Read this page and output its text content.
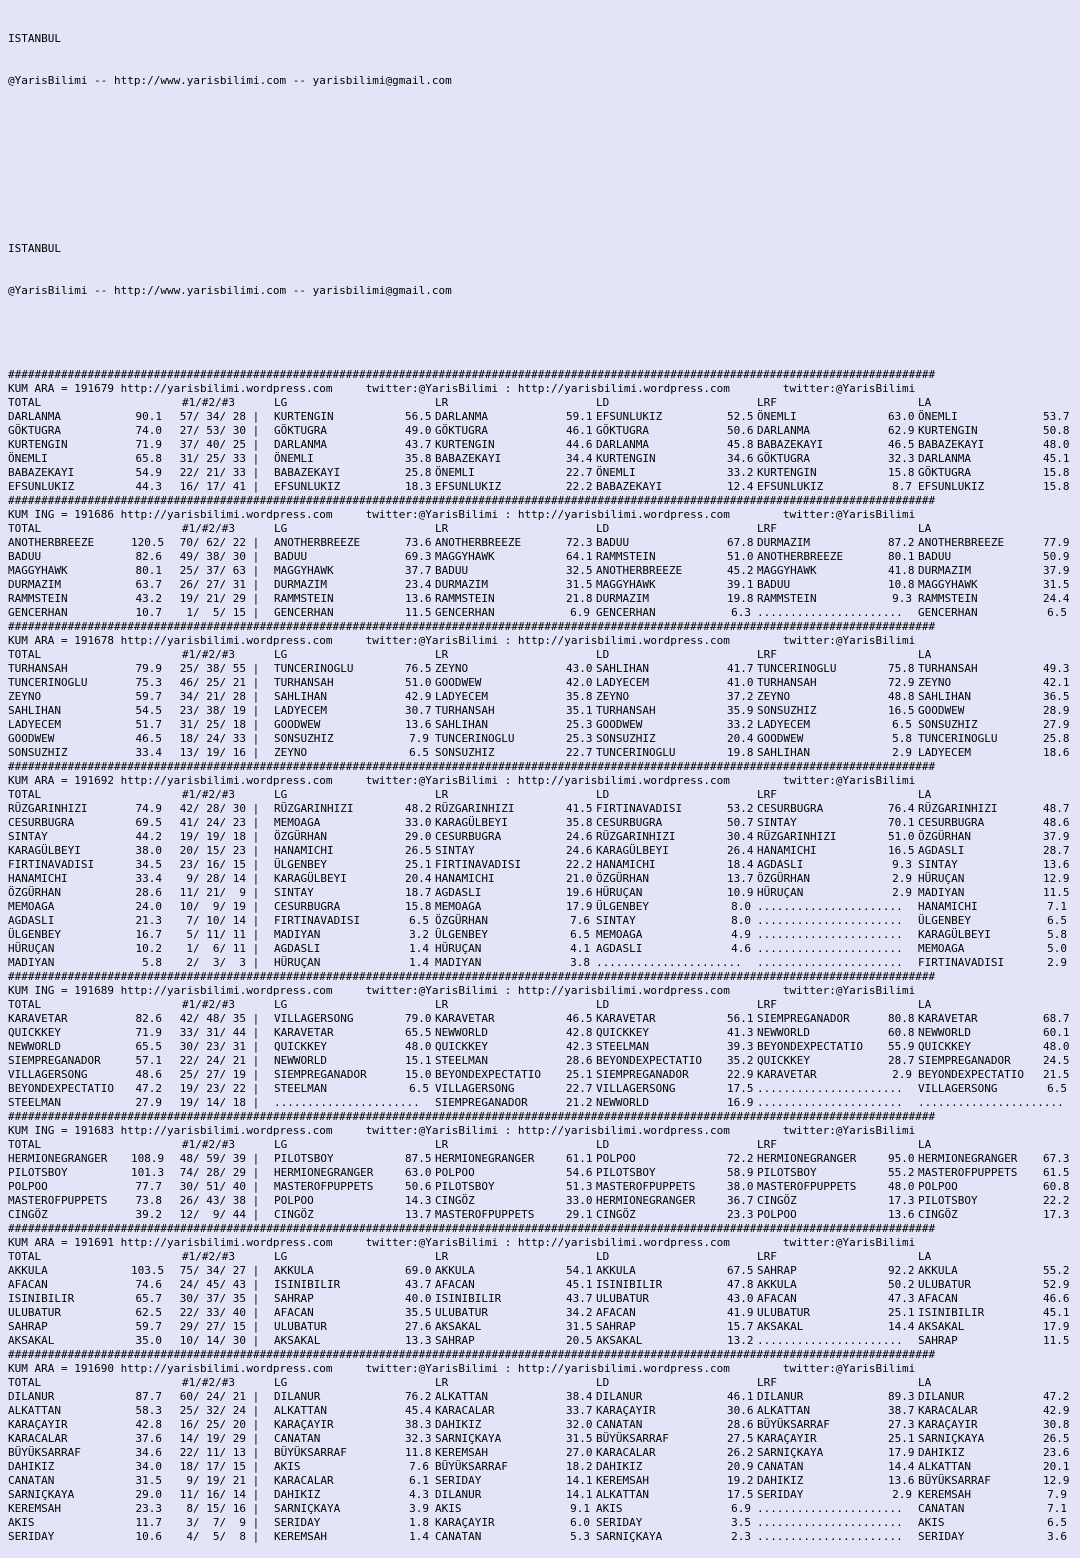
ISTANBUL

@YarisBilimi -- http://www.yarisbilimi.com -- yarisbilimi@gmail.com

ISTANBUL

@YarisBilimi -- http://www.yarisbilimi.com -- yarisbilimi@gmail.com

############################################################################################################################################
KUM ARA = 191679 http://yarisbilimi.wordpress.com     twitter:@YarisBilimi : http://yarisbilimi.wordpress.com        twitter:@YarisBilimi
TOTAL	#1/#2/#3	LG	LR	LD	LRF	LA
DARLANMA	90.1 57/ 34/ 28 | KURTENGIN	56.5 DARLANMA	59.1 EFSUNLUKIZ	52.5 ÖNEMLI	63.0 ÖNEMLI	53.7
GÖKTUGRA	74.0 27/ 53/ 30 | GÖKTUGRA	49.0 GÖKTUGRA	46.1 GÖKTUGRA	50.6 DARLANMA	62.9 KURTENGIN	50.8
KURTENGIN	71.9 37/ 40/ 25 | DARLANMA	43.7 KURTENGIN	44.6 DARLANMA	45.8 BABAZEKAYI	46.5 BABAZEKAYI	48.0
ÖNEMLI	65.8 31/ 25/ 33 | ÖNEMLI	35.8 BABAZEKAYI	34.4 KURTENGIN	34.6 GÖKTUGRA	32.3 DARLANMA	45.1
BABAZEKAYI	54.9 22/ 21/ 33 | BABAZEKAYI	25.8 ÖNEMLI	22.7 ÖNEMLI	33.2 KURTENGIN	15.8 GÖKTUGRA	15.8
EFSUNLUKIZ	44.3 16/ 17/ 41 | EFSUNLUKIZ	18.3 EFSUNLUKIZ	22.2 BABAZEKAYI	12.4 EFSUNLUKIZ	8.7 EFSUNLUKIZ	15.8
############################################################################################################################################
KUM ING = 191686 http://yarisbilimi.wordpress.com     twitter:@YarisBilimi : http://yarisbilimi.wordpress.com        twitter:@YarisBilimi
TOTAL	#1/#2/#3	LG	LR	LD	LRF	LA
ANOTHERBREEZE	120.5 70/ 62/ 22 | ANOTHERBREEZE	73.6 ANOTHERBREEZE	72.3 BADUU	67.8 DURMAZIM	87.2 ANOTHERBREEZE	77.9
BADUU	82.6 49/ 38/ 30 | BADUU	69.3 MAGGYHAWK	64.1 RAMMSTEIN	51.0 ANOTHERBREEZE	80.1 BADUU	50.9
MAGGYHAWK	80.1 25/ 37/ 63 | MAGGYHAWK	37.7 BADUU	32.5 ANOTHERBREEZE	45.2 MAGGYHAWK	41.8 DURMAZIM	37.9
DURMAZIM	63.7 26/ 27/ 31 | DURMAZIM	23.4 DURMAZIM	31.5 MAGGYHAWK	39.1 BADUU	10.8 MAGGYHAWK	31.5
RAMMSTEIN	43.2 19/ 21/ 29 | RAMMSTEIN	13.6 RAMMSTEIN	21.8 DURMAZIM	19.8 RAMMSTEIN	9.3 RAMMSTEIN	24.4
GENCERHAN	10.7 1/  5/ 15 | GENCERHAN	11.5 GENCERHAN	6.9 GENCERHAN	6.3 ...................... GENCERHAN	6.5
############################################################################################################################################
KUM ARA = 191678 http://yarisbilimi.wordpress.com     twitter:@YarisBilimi : http://yarisbilimi.wordpress.com        twitter:@YarisBilimi
TOTAL	#1/#2/#3	LG	LR	LD	LRF	LA
TURHANSAH	79.9 25/ 38/ 55 | TUNCERINOGLU	76.5 ZEYNO	43.0 SAHLIHAN	41.7 TUNCERINOGLU	75.8 TURHANSAH	49.3
TUNCERINOGLU	75.3 46/ 25/ 21 | TURHANSAH	51.0 GOODWEW	42.0 LADYECEM	41.0 TURHANSAH	72.9 ZEYNO	42.1
ZEYNO	59.7 34/ 21/ 28 | SAHLIHAN	42.9 LADYECEM	35.8 ZEYNO	37.2 ZEYNO	48.8 SAHLIHAN	36.5
SAHLIHAN	54.5 23/ 38/ 19 | LADYECEM	30.7 TURHANSAH	35.1 TURHANSAH	35.9 SONSUZHIZ	16.5 GOODWEW	28.9
LADYECEM	51.7 31/ 25/ 18 | GOODWEW	13.6 SAHLIHAN	25.3 GOODWEW	33.2 LADYECEM	6.5 SONSUZHIZ	27.9
GOODWEW	46.5 18/ 24/ 33 | SONSUZHIZ	7.9 TUNCERINOGLU	25.3 SONSUZHIZ	20.4 GOODWEW	5.8 TUNCERINOGLU	25.8
SONSUZHIZ	33.4 13/ 19/ 16 | ZEYNO	6.5 SONSUZHIZ	22.7 TUNCERINOGLU	19.8 SAHLIHAN	2.9 LADYECEM	18.6
############################################################################################################################################
KUM ARA = 191692 http://yarisbilimi.wordpress.com     twitter:@YarisBilimi : http://yarisbilimi.wordpress.com        twitter:@YarisBilimi
TOTAL	#1/#2/#3	LG	LR	LD	LRF	LA
RÜZGARINHIZI	74.9 42/ 28/ 30 | RÜZGARINHIZI	48.2 RÜZGARINHIZI	41.5 FIRTINAVADISI	53.2 CESURBUGRA	76.4 RÜZGARINHIZI	48.7
CESURBUGRA	69.5 41/ 24/ 23 | MEMOAGA	33.0 KARAGÜLBEYI	35.8 CESURBUGRA	50.7 SINTAY	70.1 CESURBUGRA	48.6
SINTAY	44.2 19/ 19/ 18 | ÖZGÜRHAN	29.0 CESURBUGRA	24.6 RÜZGARINHIZI	30.4 RÜZGARINHIZI	51.0 ÖZGÜRHAN	37.9
KARAGÜLBEYI	38.0 20/ 15/ 23 | HANAMICHI	26.5 SINTAY	24.6 KARAGÜLBEYI	26.4 HANAMICHI	16.5 AGDASLI	28.7
FIRTINAVADISI	34.5 23/ 16/ 15 | ÜLGENBEY	25.1 FIRTINAVADISI	22.2 HANAMICHI	18.4 AGDASLI	9.3 SINTAY	13.6
HANAMICHI	33.4 9/ 28/ 14 | KARAGÜLBEYI	20.4 HANAMICHI	21.0 ÖZGÜRHAN	13.7 ÖZGÜRHAN	2.9 HÜRUÇAN	12.9
ÖZGÜRHAN	28.6 11/ 21/  9 | SINTAY	18.7 AGDASLI	19.6 HÜRUÇAN	10.9 HÜRUÇAN	2.9 MADIYAN	11.5
MEMOAGA	24.0 10/  9/ 19 | CESURBUGRA	15.8 MEMOAGA	17.9 ÜLGENBEY	8.0 ...................... HANAMICHI	7.1
AGDASLI	21.3 7/ 10/ 14 | FIRTINAVADISI	6.5 ÖZGÜRHAN	7.6 SINTAY	8.0 ...................... ÜLGENBEY	6.5
ÜLGENBEY	16.7 5/ 11/ 11 | MADIYAN	3.2 ÜLGENBEY	6.5 MEMOAGA	4.9 ...................... KARAGÜLBEYI	5.8
HÜRUÇAN	10.2 1/  6/ 11 | AGDASLI	1.4 HÜRUÇAN	4.1 AGDASLI	4.6 ...................... MEMOAGA	5.0
MADIYAN	5.8 2/  3/  3 | HÜRUÇAN	1.4 MADIYAN	3.8 ...................... ...................... FIRTINAVADISI	2.9
############################################################################################################################################
KUM ING = 191689 http://yarisbilimi.wordpress.com     twitter:@YarisBilimi : http://yarisbilimi.wordpress.com        twitter:@YarisBilimi
TOTAL	#1/#2/#3	LG	LR	LD	LRF	LA
KARAVETAR	82.6 42/ 48/ 35 | VILLAGERSONG	79.0 KARAVETAR	46.5 KARAVETAR	56.1 SIEMPREGANADOR	80.8 KARAVETAR	68.7
QUICKKEY	71.9 33/ 31/ 44 | KARAVETAR	65.5 NEWWORLD	42.8 QUICKKEY	41.3 NEWWORLD	60.8 NEWWORLD	60.1
NEWWORLD	65.5 30/ 23/ 31 | QUICKKEY	48.0 QUICKKEY	42.3 STEELMAN	39.3 BEYONDEXPECTATIO 55.9 QUICKKEY	48.0
SIEMPREGANADOR	57.1 22/ 24/ 21 | NEWWORLD	15.1 STEELMAN	28.6 BEYONDEXPECTATIO 35.2 QUICKKEY	28.7 SIEMPREGANADOR	24.5
VILLAGERSONG	48.6 25/ 27/ 19 | SIEMPREGANADOR	15.0 BEYONDEXPECTATIO 25.1 SIEMPREGANADOR	22.9 KARAVETAR	2.9 BEYONDEXPECTATIO 21.5
BEYONDEXPECTATIO 47.2 19/ 23/ 22 | STEELMAN	6.5 VILLAGERSONG	22.7 VILLAGERSONG	17.5 ...................... VILLAGERSONG	6.5
STEELMAN	27.9 19/ 14/ 18 | ...................... SIEMPREGANADOR	21.2 NEWWORLD	16.9 ...................... ......................
############################################################################################################################################
KUM ING = 191683 http://yarisbilimi.wordpress.com     twitter:@YarisBilimi : http://yarisbilimi.wordpress.com        twitter:@YarisBilimi
TOTAL	#1/#2/#3	LG	LR	LD	LRF	LA
HERMIONEGRANGER 108.9 48/ 59/ 39 | PILOTSBOY	87.5 HERMIONEGRANGER	61.1 POLPOO	72.2 HERMIONEGRANGER	95.0 HERMIONEGRANGER 67.3
PILOTSBOY	101.3 74/ 28/ 29 | HERMIONEGRANGER	63.0 POLPOO	54.6 PILOTSBOY	58.9 PILOTSBOY	55.2 MASTEROFPUPPETS 61.5
POLPOO	77.7 30/ 51/ 40 | MASTEROFPUPPETS	50.6 PILOTSBOY	51.3 MASTEROFPUPPETS	38.0 MASTEROFPUPPETS	48.0 POLPOO	60.8
MASTEROFPUPPETS	73.8 26/ 43/ 38 | POLPOO	14.3 CINGÖZ	33.0 HERMIONEGRANGER	36.7 CINGÖZ	17.3 PILOTSBOY	22.2
CINGÖZ	39.2 12/  9/ 44 | CINGÖZ	13.7 MASTEROFPUPPETS	29.1 CINGÖZ	23.3 POLPOO	13.6 CINGÖZ	17.3
############################################################################################################################################
KUM ARA = 191691 http://yarisbilimi.wordpress.com     twitter:@YarisBilimi : http://yarisbilimi.wordpress.com        twitter:@YarisBilimi
TOTAL	#1/#2/#3	LG	LR	LD	LRF	LA
AKKULA	103.5 75/ 34/ 27 | AKKULA	69.0 AKKULA	54.1 AKKULA	67.5 SAHRAP	92.2 AKKULA	55.2
AFACAN	74.6 24/ 45/ 43 | ISINIBILIR	43.7 AFACAN	45.1 ISINIBILIR	47.8 AKKULA	50.2 ULUBATUR	52.9
ISINIBILIR	65.7 30/ 37/ 35 | SAHRAP	40.0 ISINIBILIR	43.7 ULUBATUR	43.0 AFACAN	47.3 AFACAN	46.6
ULUBATUR	62.5 22/ 33/ 40 | AFACAN	35.5 ULUBATUR	34.2 AFACAN	41.9 ULUBATUR	25.1 ISINIBILIR	45.1
SAHRAP	59.7 29/ 27/ 15 | ULUBATUR	27.6 AKSAKAL	31.5 SAHRAP	15.7 AKSAKAL	14.4 AKSAKAL	17.9
AKSAKAL	35.0 10/ 14/ 30 | AKSAKAL	13.3 SAHRAP	20.5 AKSAKAL	13.2 ...................... SAHRAP	11.5
############################################################################################################################################
KUM ARA = 191690 http://yarisbilimi.wordpress.com     twitter:@YarisBilimi : http://yarisbilimi.wordpress.com        twitter:@YarisBilimi
TOTAL	#1/#2/#3	LG	LR	LD	LRF	LA
DILANUR	87.7 60/ 24/ 21 | DILANUR	76.2 ALKATTAN	38.4 DILANUR	46.1 DILANUR	89.3 DILANUR	47.2
ALKATTAN	58.3 25/ 32/ 24 | ALKATTAN	45.4 KARACALAR	33.7 KARAÇAYIR	30.6 ALKATTAN	38.7 KARACALAR	42.9
KARAÇAYIR	42.8 16/ 25/ 20 | KARAÇAYIR	38.3 DAHIKIZ	32.0 CANATAN	28.6 BÜYÜKSARRAF	27.3 KARAÇAYIR	30.8
KARACALAR	37.6 14/ 19/ 29 | CANATAN	32.3 SARNIÇKAYA	31.5 BÜYÜKSARRAF	27.5 KARAÇAYIR	25.1 SARNIÇKAYA	26.5
BÜYÜKSARRAF	34.6 22/ 11/ 13 | BÜYÜKSARRAF	11.8 KEREMSAH	27.0 KARACALAR	26.2 SARNIÇKAYA	17.9 DAHIKIZ	23.6
DAHIKIZ	34.0 18/ 17/ 15 | AKIS	7.6 BÜYÜKSARRAF	18.2 DAHIKIZ	20.9 CANATAN	14.4 ALKATTAN	20.1
CANATAN	31.5 9/ 19/ 21 | KARACALAR	6.1 SERIDAY	14.1 KEREMSAH	19.2 DAHIKIZ	13.6 BÜYÜKSARRAF	12.9
SARNIÇKAYA	29.0 11/ 16/ 14 | DAHIKIZ	4.3 DILANUR	14.1 ALKATTAN	17.5 SERIDAY	2.9 KEREMSAH	7.9
KEREMSAH	23.3 8/ 15/ 16 | SARNIÇKAYA	3.9 AKIS	9.1 AKIS	6.9 ...................... CANATAN	7.1
AKIS	11.7 3/  7/  9 | SERIDAY	1.8 KARAÇAYIR	6.0 SERIDAY	3.5 ...................... AKIS	6.5
SERIDAY	10.6 4/  5/  8 | KEREMSAH	1.4 CANATAN	5.3 SARNIÇKAYA	2.3 ...................... SERIDAY	3.6
